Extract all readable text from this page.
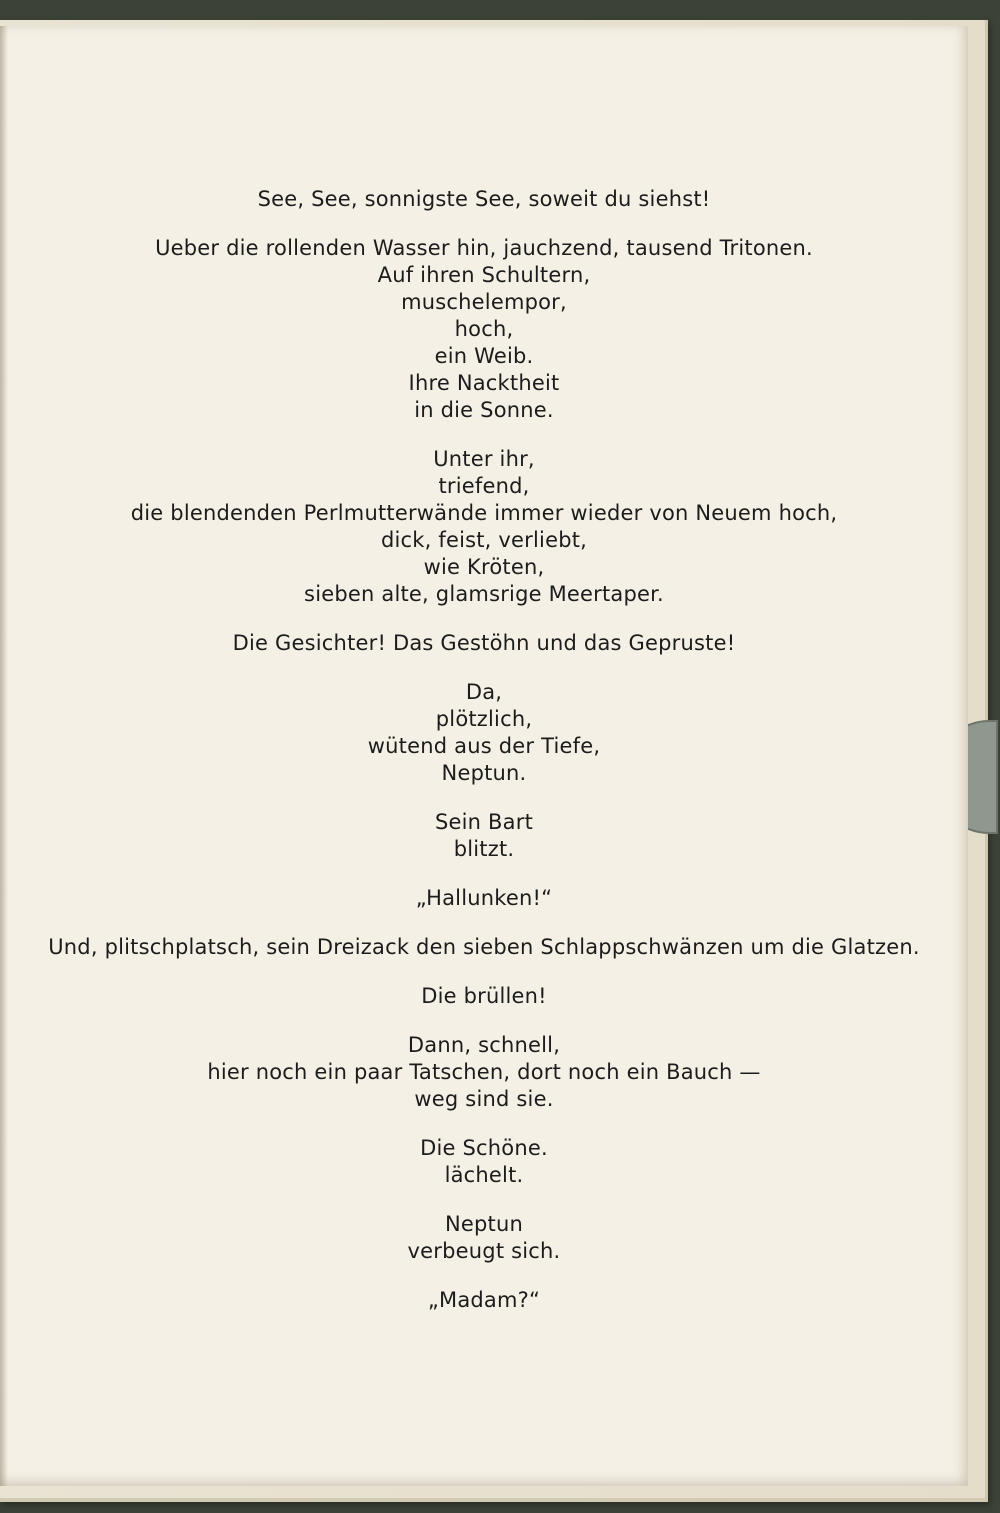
See, See, sonnigste See, soweit du siehst!
Ueber die rollenden Wasser hin, jauchzend, tausend Tritonen.
Auf ihren Schultern,
muschelempor,
hoch,
ein Weib.
Ihre Nacktheit
in die Sonne.
Unter ihr,
triefend,
die blendenden Perlmutterwände immer wieder von Neuem hoch,
dick, feist, verliebt,
wie Kröten,
sieben alte, glamsrige Meertaper.
Die Gesichter! Das Gestöhn und das Gepruste!
Da,
plötzlich,
wütend aus der Tiefe,
Neptun.
Sein Bart
blitzt.
„Hallunken!“
Und, plitschplatsch, sein Dreizack den sieben Schlappschwänzen um die Glatzen.
Die brüllen!
Dann, schnell,
hier noch ein paar Tatschen, dort noch ein Bauch —
weg sind sie.
Die Schöne.
lächelt.
Neptun
verbeugt sich.
„Madam?“
